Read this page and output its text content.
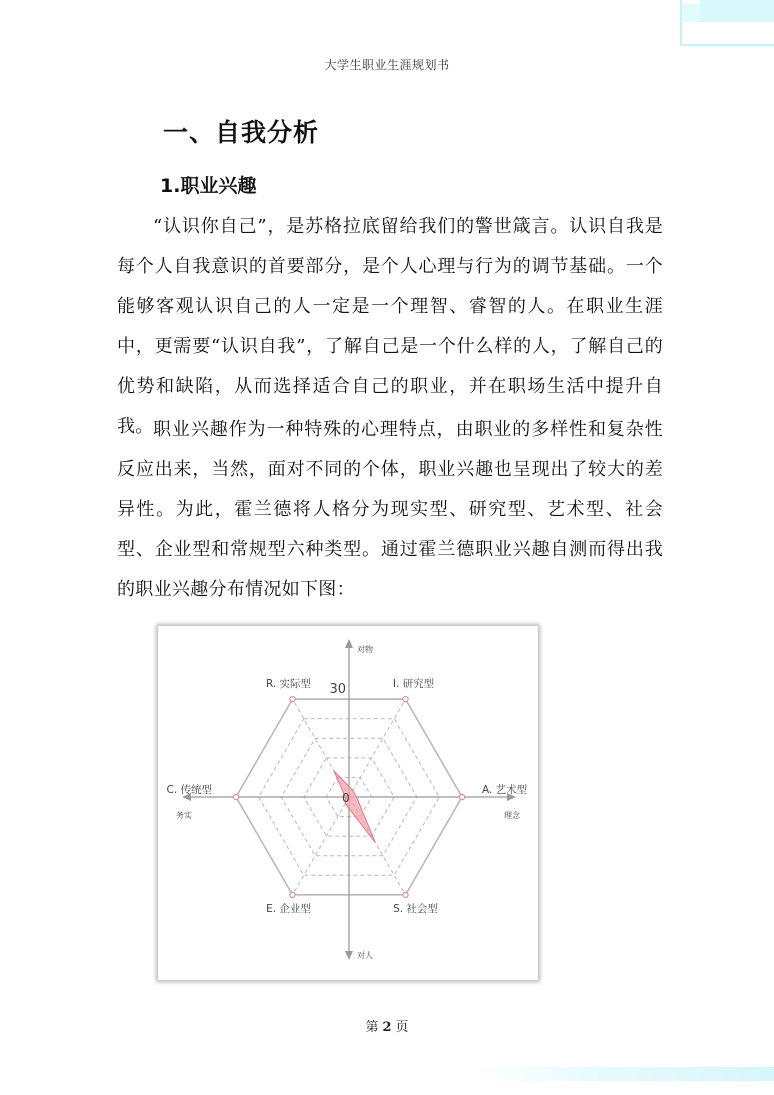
大学生职业生涯规划书
一、自我分析
1.职业兴趣

“认识你自己”，是苏格拉底留给我们的警世箴言。认识自我是每个人自我意识的首要部分，是个人心理与行为的调节基础。一个能够客观认识自己的人一定是一个理智、睿智的人。在职业生涯中，更需要“认识自我”，了解自己是一个什么样的人，了解自己的优势和缺陷，从而选择适合自己的职业，并在职场生活中提升自我。 职业兴趣作为一种特殊的心理特点，由职业的多样性和复杂性反应出来，当然，面对不同的个体，职业兴趣也呈现出了较大的差异性。为此，霍兰德将人格分为现实型、研究型、艺术型、社会型、企业型和常规型六种类型。通过霍兰德职业兴趣自测而得出我的职业兴趣分布情况如下图：

R. 实际型	I. 研究型
A. 艺术型
S. 社会型
E. 企业型
C. 传统型
30
0
对物
对人
务实	理念
第 2 页
